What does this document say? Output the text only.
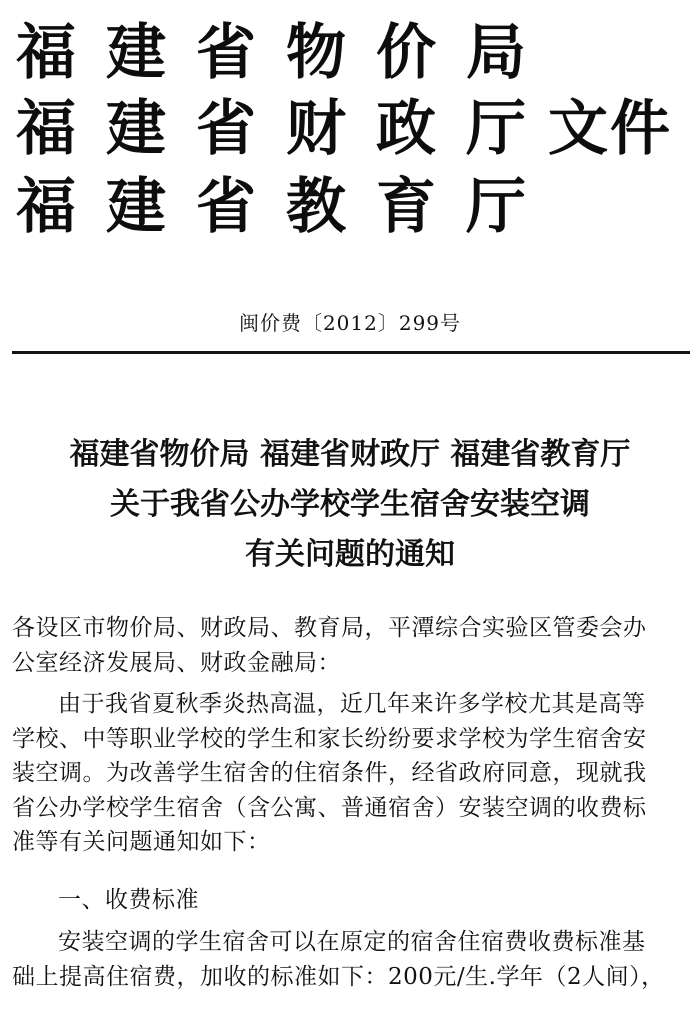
福建省物价局
福建省财政厅
文件
福建省教育厅
闽价费〔2012〕299号
福建省物价局 福建省财政厅 福建省教育厅
关于我省公办学校学生宿舍安装空调
有关问题的通知
各设区市物价局、财政局、教育局，平潭综合实验区管委会办
公室经济发展局、财政金融局：
由于我省夏秋季炎热高温，近几年来许多学校尤其是高等
学校、中等职业学校的学生和家长纷纷要求学校为学生宿舍安
装空调。为改善学生宿舍的住宿条件，经省政府同意，现就我
省公办学校学生宿舍（含公寓、普通宿舍）安装空调的收费标
准等有关问题通知如下：
一、收费标准
安装空调的学生宿舍可以在原定的宿舍住宿费收费标准基
础上提高住宿费，加收的标准如下：200元/生.学年（2人间），
